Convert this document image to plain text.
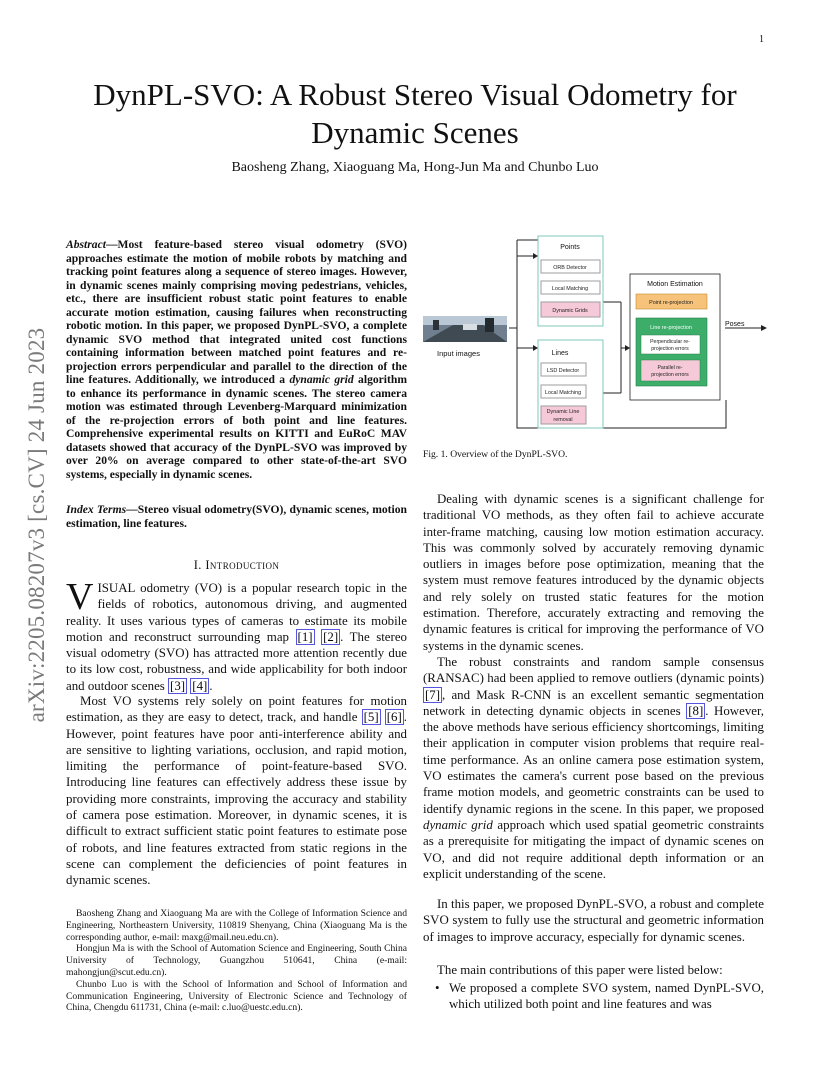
1
arXiv:2205.08207v3 [cs.CV] 24 Jun 2023
DynPL-SVO: A Robust Stereo Visual Odometry for Dynamic Scenes
Baosheng Zhang, Xiaoguang Ma, Hong-Jun Ma and Chunbo Luo
Abstract—Most feature-based stereo visual odometry (SVO) approaches estimate the motion of mobile robots by matching and tracking point features along a sequence of stereo images. However, in dynamic scenes mainly comprising moving pedestrians, vehicles, etc., there are insufficient robust static point features to enable accurate motion estimation, causing failures when reconstructing robotic motion. In this paper, we proposed DynPL-SVO, a complete dynamic SVO method that integrated united cost functions containing information between matched point features and re-projection errors perpendicular and parallel to the direction of the line features. Additionally, we introduced a dynamic grid algorithm to enhance its performance in dynamic scenes. The stereo camera motion was estimated through Levenberg-Marquard minimization of the re-projection errors of both point and line features. Comprehensive experimental results on KITTI and EuRoC MAV datasets showed that accuracy of the DynPL-SVO was improved by over 20% on average compared to other state-of-the-art SVO systems, especially in dynamic scenes.
Index Terms—Stereo visual odometry(SVO), dynamic scenes, motion estimation, line features.
I. Introduction
VISUAL odometry (VO) is a popular research topic in the fields of robotics, autonomous driving, and augmented reality. It uses various types of cameras to estimate its mobile motion and reconstruct surrounding map [1] [2] . The stereo visual odometry (SVO) has attracted more attention recently due to its low cost, robustness, and wide applicability for both indoor and outdoor scenes [3] [4] .

Most VO systems rely solely on point features for motion estimation, as they are easy to detect, track, and handle [5] [6] . However, point features have poor anti-interference ability and are sensitive to lighting variations, occlusion, and rapid motion, limiting the performance of point-feature-based SVO. Introducing line features can effectively address these issue by providing more constraints, improving the accuracy and stability of camera pose estimation. Moreover, in dynamic scenes, it is difficult to extract sufficient static point features to estimate pose of robots, and line features extracted from static regions in the scene can complement the deficiencies of point features in dynamic scenes.

Baosheng Zhang and Xiaoguang Ma are with the College of Information Science and Engineering, Northeastern University, 110819 Shenyang, China (Xiaoguang Ma is the corresponding author, e-mail: maxg@mail.neu.edu.cn).

Hongjun Ma is with the School of Automation Science and Engineering, South China University of Technology, Guangzhou 510641, China (e-mail: mahongjun@scut.edu.cn).

Chunbo Luo is with the School of Information and School of Information and Communication Engineering, University of Electronic Science and Technology of China, Chengdu 611731, China (e-mail: c.luo@uestc.edu.cn).

Input images
Points
ORB Detector
Local Matching
Dynamic Grids
Lines
LSD Detector
Local Matching
Dynamic Line
removal
Motion Estimation
Point re-projection
Line re-projection
Perpendicular re-
projection errors
Parallel re-
projection errors
Poses
Fig. 1. Overview of the DynPL-SVO.

Dealing with dynamic scenes is a significant challenge for traditional VO methods, as they often fail to achieve accurate inter-frame matching, causing low motion estimation accuracy. This was commonly solved by accurately removing dynamic outliers in images before pose optimization, meaning that the system must remove features introduced by the dynamic objects and rely solely on trusted static features for the motion estimation. Therefore, accurately extracting and removing the dynamic features is critical for improving the performance of VO systems in the dynamic scenes.

The robust constraints and random sample consensus (RANSAC) had been applied to remove outliers (dynamic points) [7] , and Mask R-CNN is an excellent semantic segmentation network in detecting dynamic objects in scenes [8] . However, the above methods have serious efficiency shortcomings, limiting their application in computer vision problems that require real-time performance. As an online camera pose estimation system, VO estimates the camera's current pose based on the previous frame motion models, and geometric constraints can be used to identify dynamic regions in the scene. In this paper, we proposed dynamic grid approach which used spatial geometric constraints as a prerequisite for mitigating the impact of dynamic scenes on VO, and did not require additional depth information or an explicit understanding of the scene.

In this paper, we proposed DynPL-SVO, a robust and complete SVO system to fully use the structural and geometric information of images to improve accuracy, especially for dynamic scenes.

The main contributions of this paper were listed below:

• We proposed a complete SVO system, named DynPL-SVO, which utilized both point and line features and was
